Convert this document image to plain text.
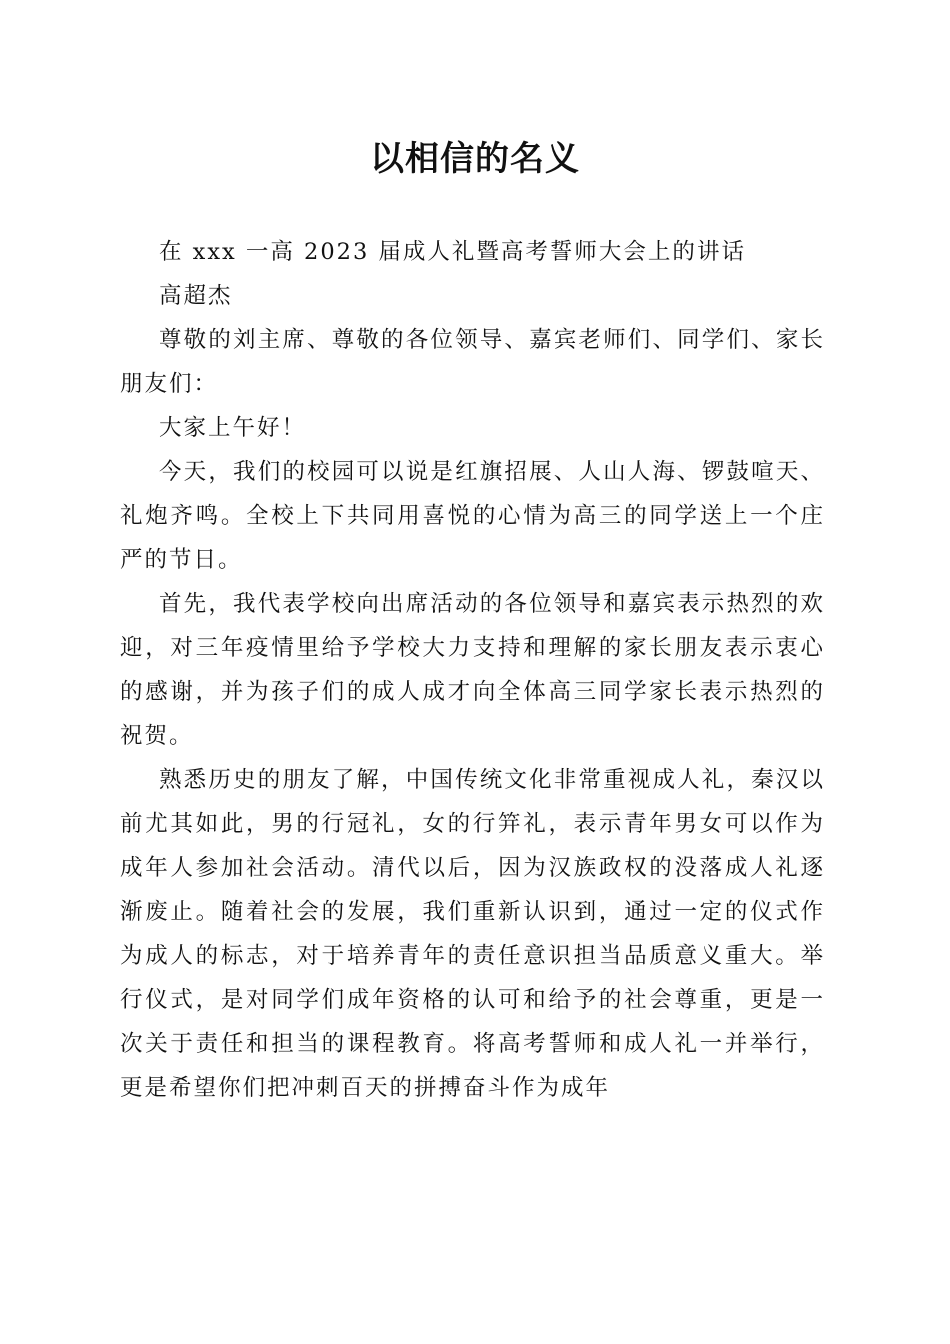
以相信的名义

在 xxx 一高 2023 届成人礼暨高考誓师大会上的讲话

高超杰

尊敬的刘主席、尊敬的各位领导、嘉宾老师们、同学们、家长朋友们：

大家上午好！

今天，我们的校园可以说是红旗招展、人山人海、锣鼓喧天、礼炮齐鸣。全校上下共同用喜悦的心情为高三的同学送上一个庄严的节日。

首先，我代表学校向出席活动的各位领导和嘉宾表示热烈的欢迎，对三年疫情里给予学校大力支持和理解的家长朋友表示衷心的感谢，并为孩子们的成人成才向全体高三同学家长表示热烈的祝贺。

熟悉历史的朋友了解，中国传统文化非常重视成人礼，秦汉以前尤其如此，男的行冠礼，女的行笄礼，表示青年男女可以作为成年人参加社会活动。清代以后，因为汉族政权的没落成人礼逐渐废止。随着社会的发展，我们重新认识到，通过一定的仪式作为成人的标志，对于培养青年的责任意识担当品质意义重大。举行仪式，是对同学们成年资格的认可和给予的社会尊重，更是一次关于责任和担当的课程教育。将高考誓师和成人礼一并举行，更是希望你们把冲刺百天的拼搏奋斗作为成年
